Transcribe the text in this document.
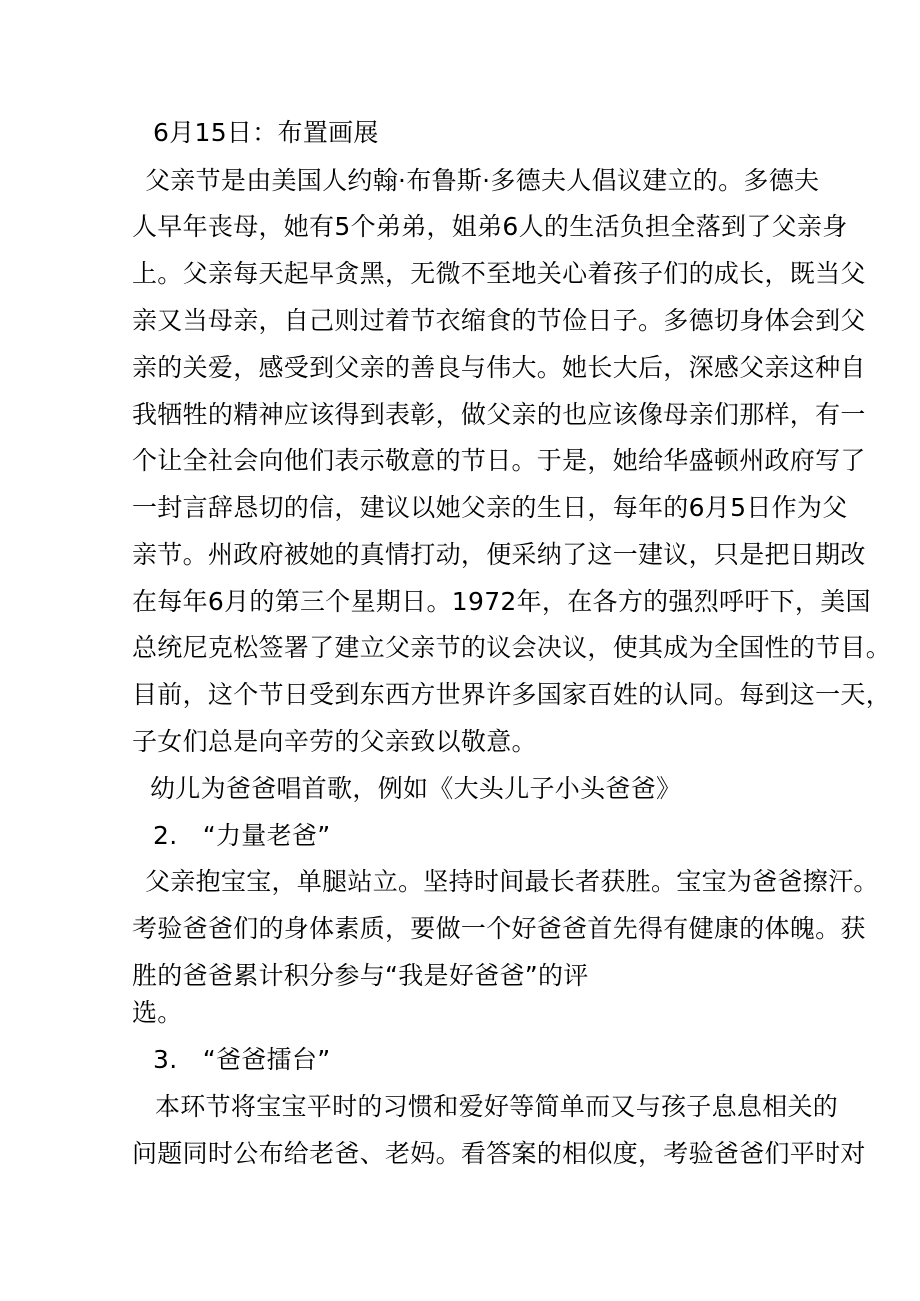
6月15日：布置画展
父亲节是由美国人约翰·布鲁斯·多德夫人倡议建立的。多德夫
人早年丧母，她有5个弟弟，姐弟6人的生活负担全落到了父亲身
上。父亲每天起早贪黑，无微不至地关心着孩子们的成长，既当父
亲又当母亲，自己则过着节衣缩食的节俭日子。多德切身体会到父
亲的关爱，感受到父亲的善良与伟大。她长大后，深感父亲这种自
我牺牲的精神应该得到表彰，做父亲的也应该像母亲们那样，有一
个让全社会向他们表示敬意的节日。于是，她给华盛顿州政府写了
一封言辞恳切的信，建议以她父亲的生日，每年的6月5日作为父
亲节。州政府被她的真情打动，便采纳了这一建议，只是把日期改
在每年6月的第三个星期日。1972年，在各方的强烈呼吁下，美国
总统尼克松签署了建立父亲节的议会决议，使其成为全国性的节目。
目前，这个节日受到东西方世界许多国家百姓的认同。每到这一天，
子女们总是向辛劳的父亲致以敬意。
幼儿为爸爸唱首歌，例如《大头儿子小头爸爸》
2.　“力量老爸”
父亲抱宝宝，单腿站立。坚持时间最长者获胜。宝宝为爸爸擦汗。
考验爸爸们的身体素质，要做一个好爸爸首先得有健康的体魄。获
胜的爸爸累计积分参与“我是好爸爸”的评
选。
3.　“爸爸擂台”
本环节将宝宝平时的习惯和爱好等简单而又与孩子息息相关的
问题同时公布给老爸、老妈。看答案的相似度，考验爸爸们平时对
